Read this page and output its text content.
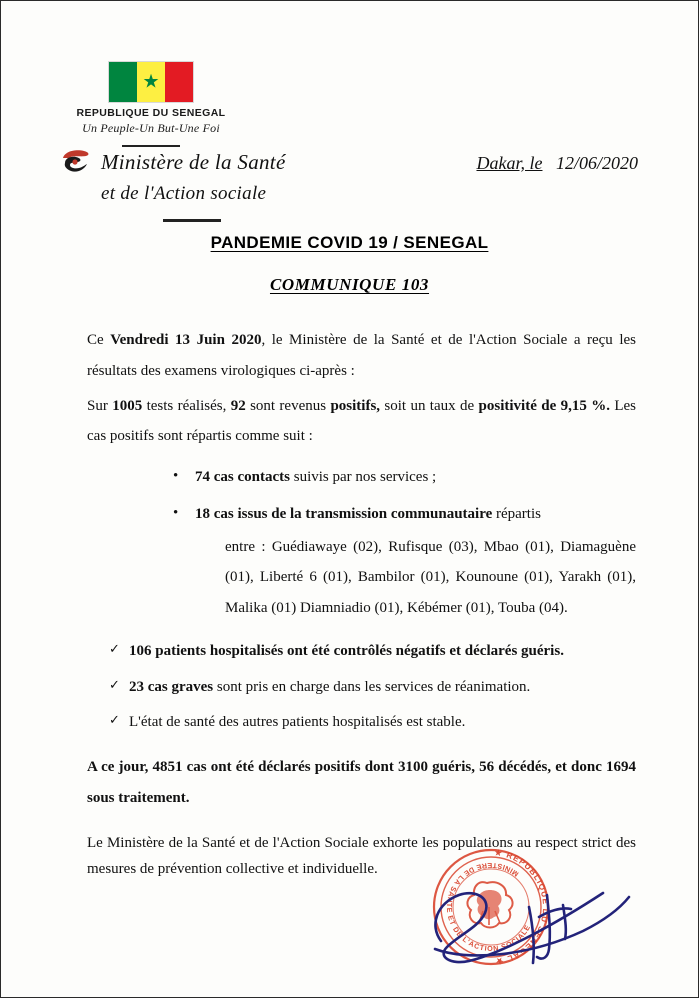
★
REPUBLIQUE DU SENEGAL
Un Peuple-Un But-Une Foi
Ministère de la Santé
et de l'Action sociale
Dakar, le 12/06/2020
PANDEMIE COVID 19 / SENEGAL
COMMUNIQUE 103

Ce Vendredi 13 Juin 2020, le Ministère de la Santé et de l'Action Sociale a reçu les résultats des examens virologiques ci-après :

Sur 1005 tests réalisés, 92 sont revenus positifs, soit un taux de positivité de 9,15 %. Les cas positifs sont répartis comme suit :

• 74 cas contacts suivis par nos services ;
• 18 cas issus de la transmission communautaire répartis
entre : Guédiawaye (02), Rufisque (03), Mbao (01), Diamaguène (01), Liberté 6 (01), Bambilor (01), Kounoune (01), Yarakh (01), Malika (01) Diamniadio (01), Kébémer (01), Touba (04).
✓ 106 patients hospitalisés ont été contrôlés négatifs et déclarés guéris.
✓ 23 cas graves sont pris en charge dans les services de réanimation.
✓ L'état de santé des autres patients hospitalisés est stable.

A ce jour, 4851 cas ont été déclarés positifs dont 3100 guéris, 56 décédés, et donc 1694 sous traitement.

Le Ministère de la Santé et de l'Action Sociale exhorte les populations au respect strict des mesures de prévention collective et individuelle.

★ REPUBLIQUE DU SENEGAL ★
MINISTERE DE LA SANTE ET DE L'ACTION SOCIALE
